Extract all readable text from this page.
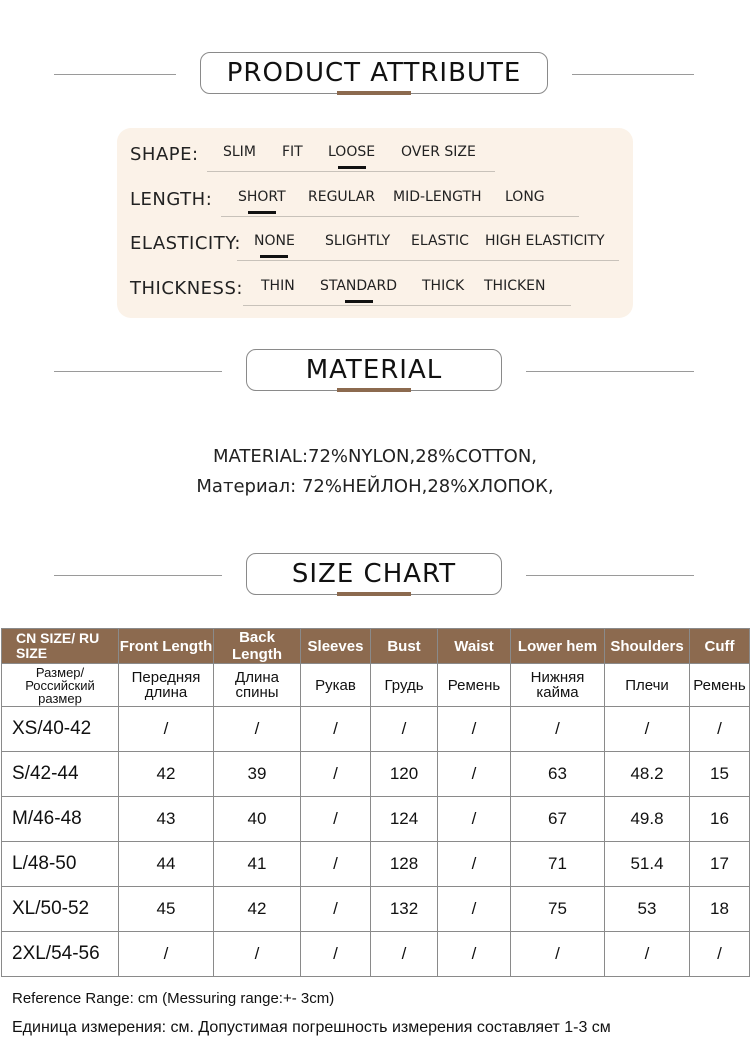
PRODUCT ATTRIBUTE
SHAPE: SLIM FIT LOOSE OVER SIZE
LENGTH: SHORT REGULAR MID-LENGTH LONG
ELASTICITY: NONE SLIGHTLY ELASTIC HIGH ELASTICITY
THICKNESS: THIN STANDARD THICK THICKEN
MATERIAL
MATERIAL:72%NYLON,28%COTTON,
Материал: 72%НЕЙЛОН,28%ХЛОПОК,
SIZE CHART
CN SIZE/ RU SIZE	Front Length	Back Length	Sleeves	Bust	Waist	Lower hem	Shoulders	Cuff
Размер/ Российский размер	Передняя длина	Длина спины	Рукав	Грудь	Ремень	Нижняя кайма	Плечи	Ремень
XS/40-42	/	/	/	/	/	/	/	/
S/42-44	42	39	/	120	/	63	48.2	15
M/46-48	43	40	/	124	/	67	49.8	16
L/48-50	44	41	/	128	/	71	51.4	17
XL/50-52	45	42	/	132	/	75	53	18
2XL/54-56	/	/	/	/	/	/	/	/
Reference Range: cm (Messuring range:+- 3cm)
Единица измерения: см. Допустимая погрешность измерения составляет 1-3 см
